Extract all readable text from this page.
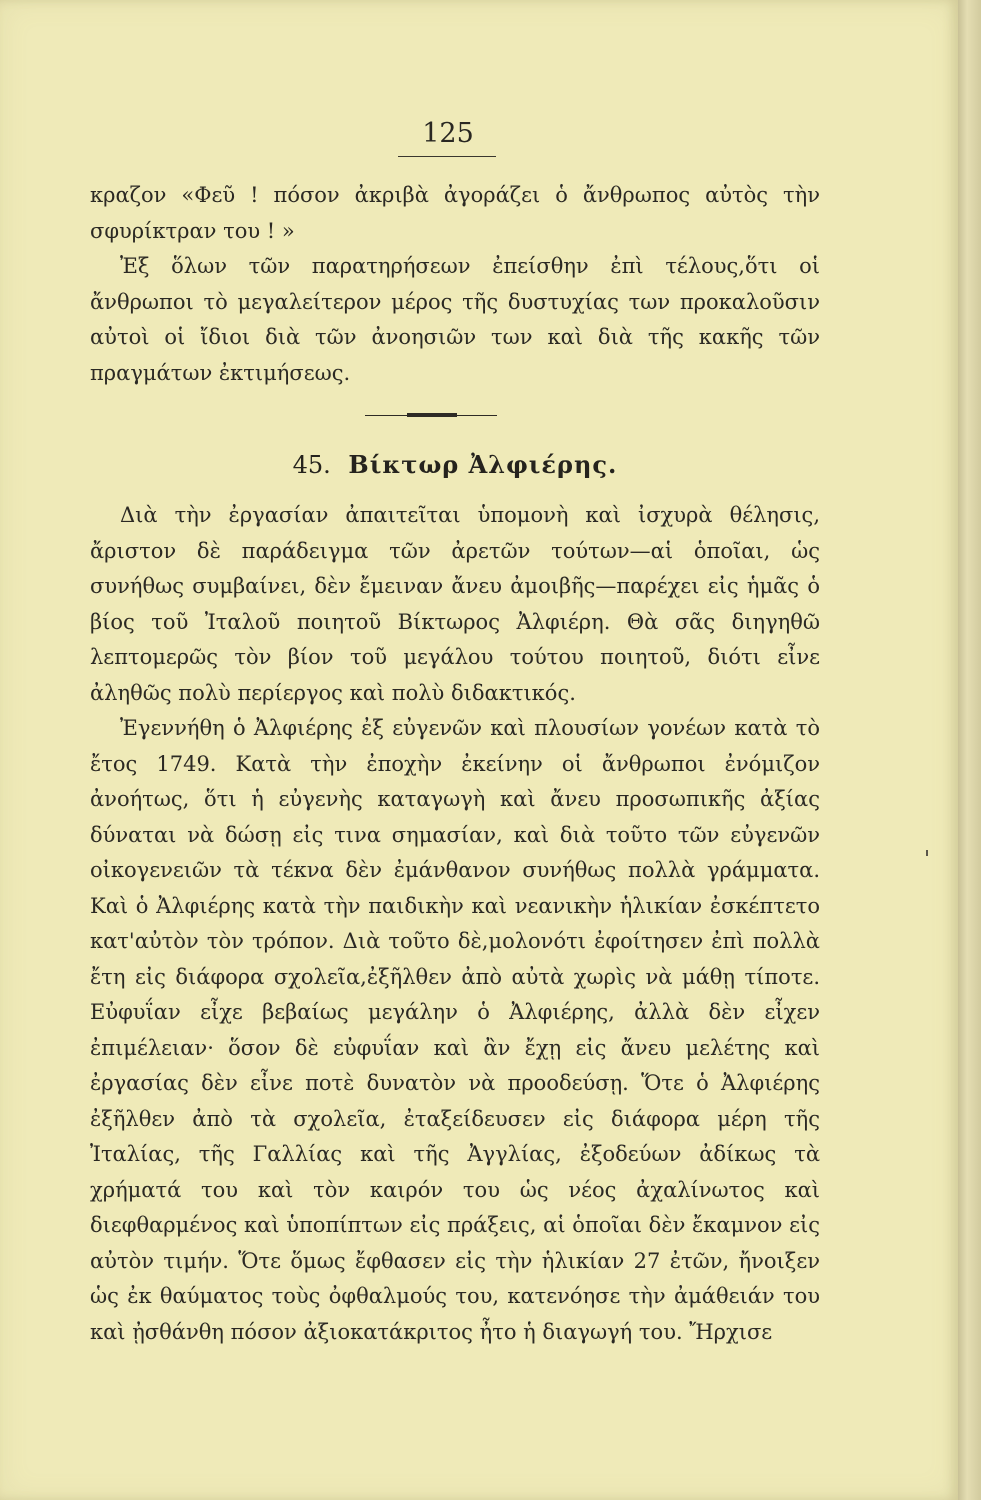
125

κραζον «Φεῦ ! πόσον ἀκριβὰ ἀγοράζει ὁ ἄνθρωπος αὐτὸς τὴν σφυρίκτραν του ! »

Ἐξ ὅλων τῶν παρατηρήσεων ἐπείσθην ἐπὶ τέλους,ὅτι οἱ ἄνθρωποι τὸ μεγαλείτερον μέρος τῆς δυστυχίας των προκαλοῦσιν αὐτοὶ οἱ ἴδιοι διὰ τῶν ἀνοησιῶν των καὶ διὰ τῆς κακῆς τῶν πραγμάτων ἐκτιμήσεως.

45. Βίκτωρ Ἀλφιέρης.

Διὰ τὴν ἐργασίαν ἀπαιτεῖται ὑπομονὴ καὶ ἰσχυρὰ θέλησις, ἄριστον δὲ παράδειγμα τῶν ἀρετῶν τούτων—αἱ ὁποῖαι, ὡς συνήθως συμβαίνει, δὲν ἔμειναν ἄνευ ἀμοιβῆς—παρέχει εἰς ἡμᾶς ὁ βίος τοῦ Ἰταλοῦ ποιητοῦ Βίκτωρος Ἀλφιέρη. Θὰ σᾶς διηγηθῶ λεπτομερῶς τὸν βίον τοῦ μεγάλου τούτου ποιητοῦ, διότι εἶνε ἀληθῶς πολὺ περίεργος καὶ πολὺ διδακτικός.

Ἐγεννήθη ὁ Ἀλφιέρης ἐξ εὐγενῶν καὶ πλουσίων γονέων κατὰ τὸ ἔτος 1749. Κατὰ τὴν ἐποχὴν ἐκείνην οἱ ἄνθρωποι ἐνόμιζον ἀνοήτως, ὅτι ἡ εὐγενὴς καταγωγὴ καὶ ἄνευ προσωπικῆς ἀξίας δύναται νὰ δώσῃ εἰς τινα σημασίαν, καὶ διὰ τοῦτο τῶν εὐγενῶν οἰκογενειῶν τὰ τέκνα δὲν ἐμάνθανον συνήθως πολλὰ γράμματα. Καὶ ὁ Ἀλφιέρης κατὰ τὴν παιδικὴν καὶ νεανικὴν ἡλικίαν ἐσκέπτετο κατ'αὐτὸν τὸν τρόπον. Διὰ τοῦτο δὲ,μολονότι ἐφοίτησεν ἐπὶ πολλὰ ἔτη εἰς διάφορα σχολεῖα,ἐξῆλθεν ἀπὸ αὐτὰ χωρὶς νὰ μάθῃ τίποτε. Εὐφυΐαν εἶχε βεβαίως μεγάλην ὁ Ἀλφιέρης, ἀλλὰ δὲν εἶχεν ἐπιμέλειαν· ὅσον δὲ εὐφυΐαν καὶ ἂν ἔχῃ εἰς ἄνευ μελέτης καὶ ἐργασίας δὲν εἶνε ποτὲ δυνατὸν νὰ προοδεύσῃ. Ὅτε ὁ Ἀλφιέρης ἐξῆλθεν ἀπὸ τὰ σχολεῖα, ἐταξείδευσεν εἰς διάφορα μέρη τῆς Ἰταλίας, τῆς Γαλλίας καὶ τῆς Ἀγγλίας, ἐξοδεύων ἀδίκως τὰ χρήματά του καὶ τὸν καιρόν του ὡς νέος ἀχαλίνωτος καὶ διεφθαρμένος καὶ ὑποπίπτων εἰς πράξεις, αἱ ὁποῖαι δὲν ἔκαμνον εἰς αὐτὸν τιμήν. Ὅτε ὅμως ἔφθασεν εἰς τὴν ἡλικίαν 27 ἐτῶν, ἤνοιξεν ὡς ἐκ θαύματος τοὺς ὀφθαλμούς του, κατενόησε τὴν ἀμάθειάν του καὶ ᾐσθάνθη πόσον ἀξιοκατάκριτος ἦτο ἡ διαγωγή του. Ἤρχισε
